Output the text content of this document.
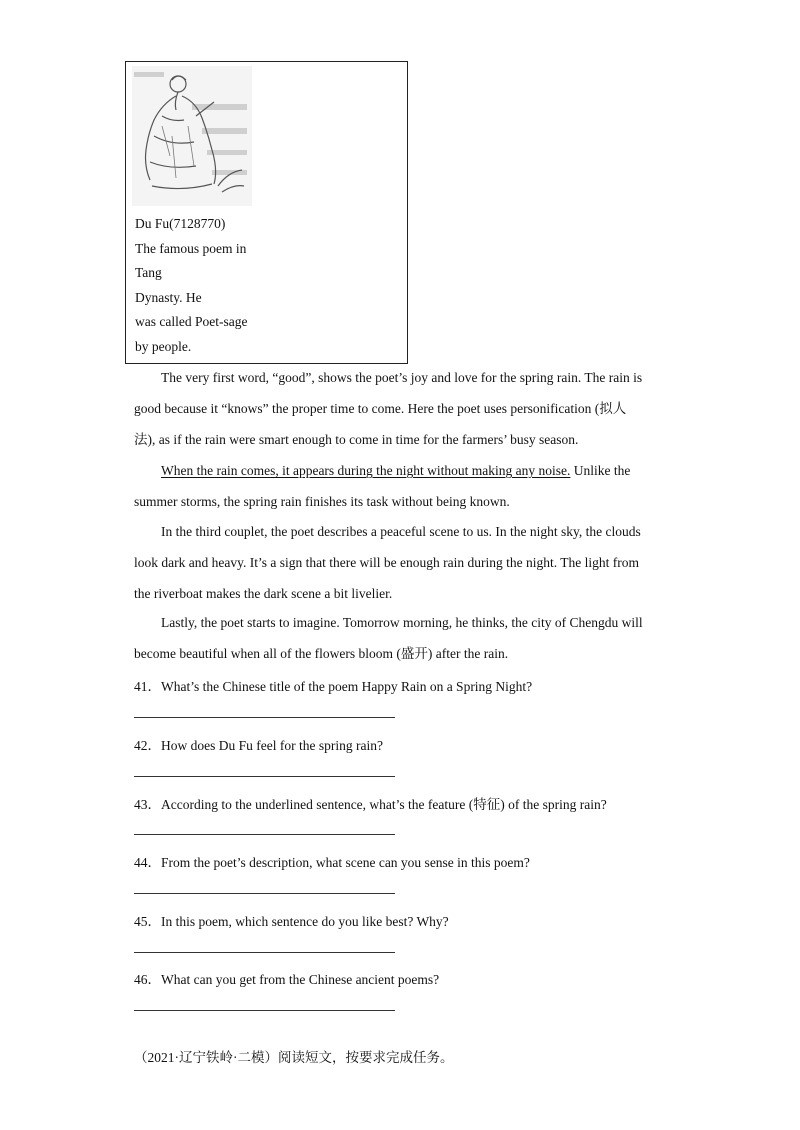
Du Fu(7128770)
The famous poem in
Tang
Dynasty. He
was called Poet-sage
by people.
The very first word, “good”, shows the poet’s joy and love for the spring rain. The rain is
good because it “knows” the proper time to come. Here the poet uses personification (拟人
法), as if the rain were smart enough to come in time for the farmers’ busy season.
When the rain comes, it appears during the night without making any noise. Unlike the
summer storms, the spring rain finishes its task without being known.
In the third couplet, the poet describes a peaceful scene to us. In the night sky, the clouds
look dark and heavy. It’s a sign that there will be enough rain during the night. The light from
the riverboat makes the dark scene a bit livelier.
Lastly, the poet starts to imagine. Tomorrow morning, he thinks, the city of Chengdu will
become beautiful when all of the flowers bloom (盛开) after the rain.
41．What’s the Chinese title of the poem Happy Rain on a Spring Night?
42．How does Du Fu feel for the spring rain?
43．According to the underlined sentence, what’s the feature (特征) of the spring rain?
44．From the poet’s description, what scene can you sense in this poem?
45．In this poem, which sentence do you like best? Why?
46．What can you get from the Chinese ancient poems?
（2021·辽宁铁岭·二模）阅读短文，按要求完成任务。
